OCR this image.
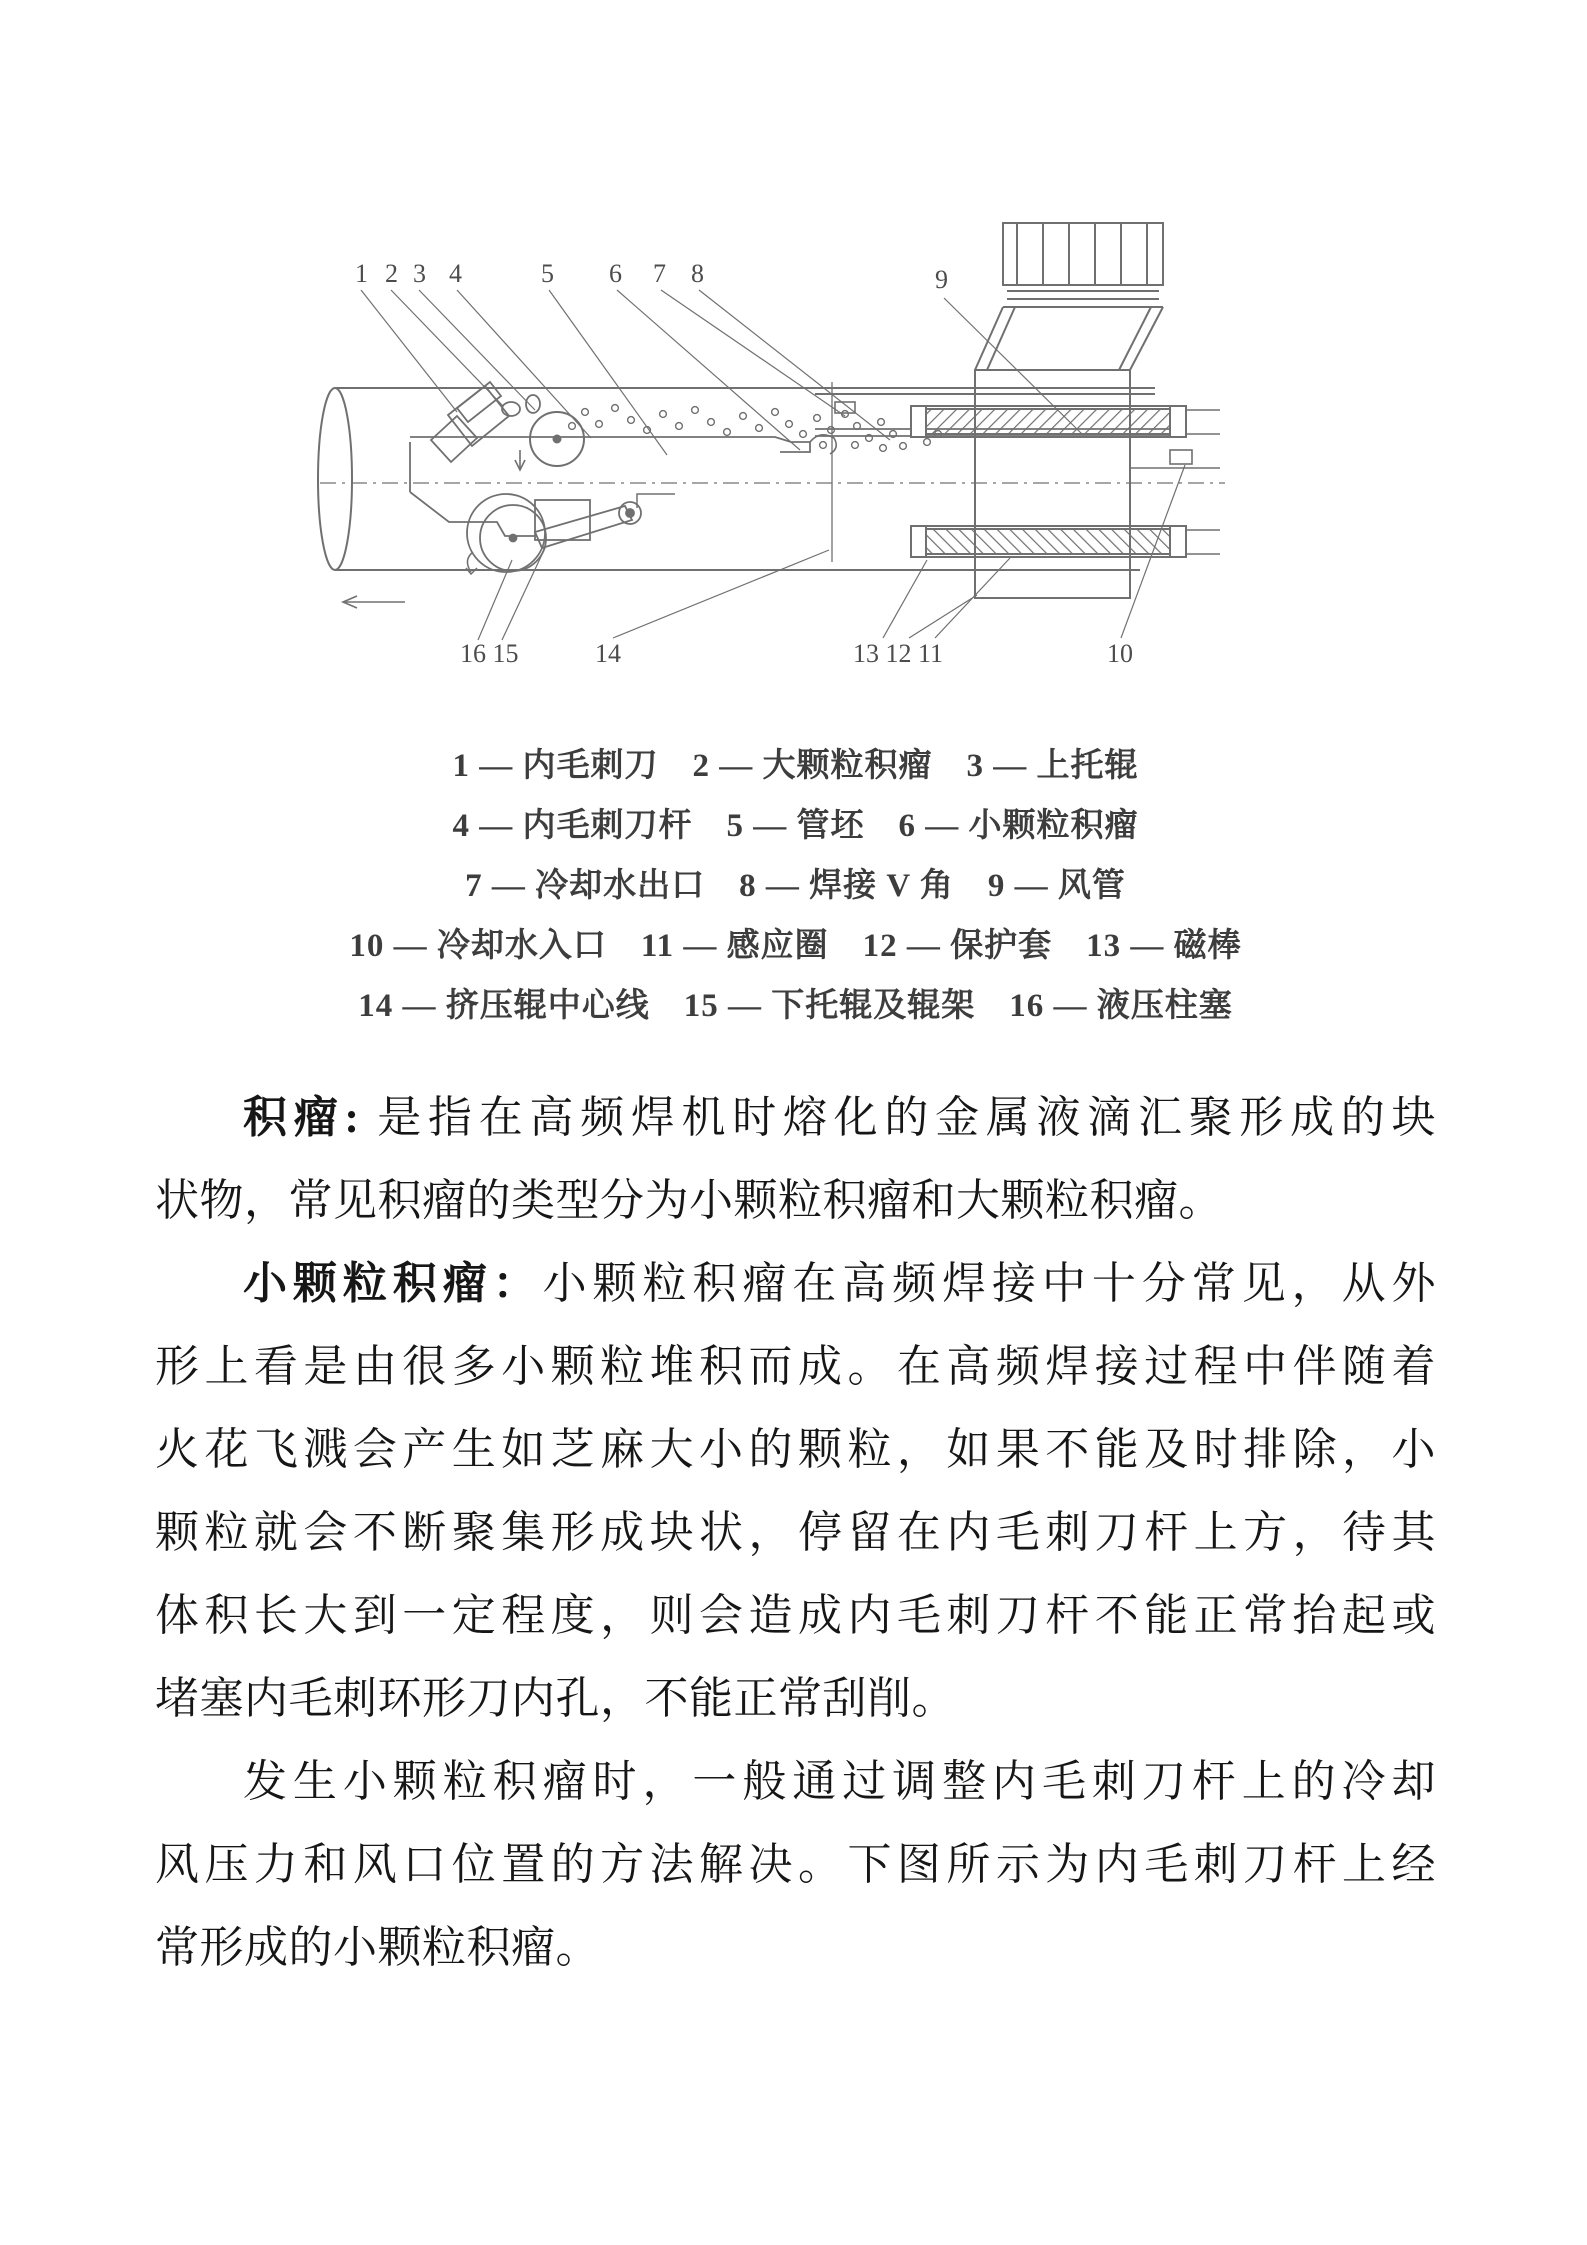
1 2 3 4	5 6 7 8	9
16 15	14	13 12 11	10
1 — 内毛刺刀　2 — 大颗粒积瘤　3 — 上托辊
4 — 内毛刺刀杆　5 — 管坯　6 — 小颗粒积瘤
7 — 冷却水出口　8 — 焊接 V 角　9 — 风管
10 — 冷却水入口　11 — 感应圈　12 — 保护套　13 — 磁棒
14 — 挤压辊中心线　15 — 下托辊及辊架　16 — 液压柱塞
积瘤: 是指在高频焊机时熔化的金属液滴汇聚形成的块
状物，常见积瘤的类型分为小颗粒积瘤和大颗粒积瘤。
小颗粒积瘤：小颗粒积瘤在高频焊接中十分常见，从外
形上看是由很多小颗粒堆积而成。在高频焊接过程中伴随着
火花飞溅会产生如芝麻大小的颗粒，如果不能及时排除，小
颗粒就会不断聚集形成块状，停留在内毛刺刀杆上方，待其
体积长大到一定程度，则会造成内毛刺刀杆不能正常抬起或
堵塞内毛刺环形刀内孔，不能正常刮削。
发生小颗粒积瘤时，一般通过调整内毛刺刀杆上的冷却
风压力和风口位置的方法解决。下图所示为内毛刺刀杆上经
常形成的小颗粒积瘤。
